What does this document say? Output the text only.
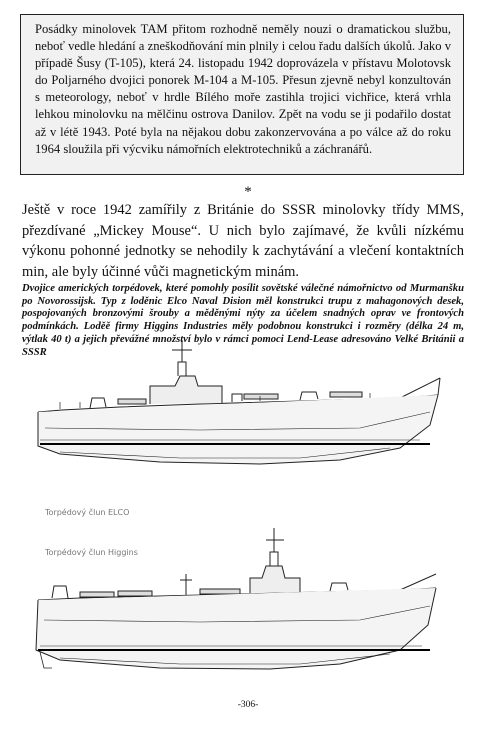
Posádky minolovek TAM přitom rozhodně neměly nouzi o dramatickou službu, neboť vedle hledání a zneškodňování min plnily i celou řadu dalších úkolů. Jako v případě Šusy (T-105), která 24. listopadu 1942 doprovázela v přístavu Molotovsk do Poljarného dvojici ponorek M-104 a M-105. Přesun zjevně nebyl konzultován s meteorology, neboť v hrdle Bílého moře zastihla trojici vichřice, která vrhla lehkou minolovku na mělčinu ostrova Danilov. Zpět na vodu se ji podařilo dostat až v létě 1943. Poté byla na nějakou dobu zakonzervována a po válce až do roku 1964 sloužila při výcviku námořních elektrotechniků a záchranářů.

*

Ještě v roce 1942 zamířily z Británie do SSSR minolovky třídy MMS, přezdívané „Mickey Mouse“. U nich bylo zajímavé, že kvůli nízkému výkonu pohonné jednotky se nehodily k zachytávání a vlečení kontaktních min, ale byly účinné vůči magnetickým minám.

Dvojice amerických torpédovek, které pomohly posílit sovětské válečné námořnictvo od Murmanšku po Novorossijsk. Typ z loděnic Elco Naval Dision měl konstrukci trupu z mahagonových desek, pospojovaných bronzovými šrouby a měděnými nýty za účelem snadných oprav ve frontových podmínkách. Loděě firmy Higgins Industries měly podobnou konstrukci i rozměry (délka 24 m, výtlak 40 t) a jejich převážné množství bylo v rámci pomoci Lend-Lease adresováno Velké Británii a SSSR

Torpédový člun ELCO
Torpédový člun Higgins
-306-
